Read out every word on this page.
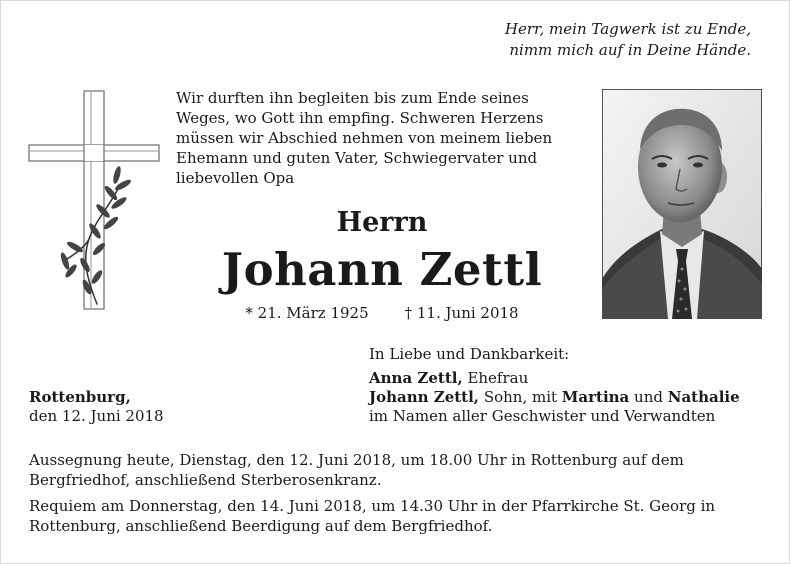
Herr, mein Tagwerk ist zu Ende,
nimm mich auf in Deine Hände.
Wir durften ihn begleiten bis zum Ende seines
Weges, wo Gott ihn empfing. Schweren Herzens
müssen wir Abschied nehmen von meinem lieben
Ehemann und guten Vater, Schwiegervater und
liebevollen Opa
Herrn
Johann Zettl
* 21. März 1925 † 11. Juni 2018
In Liebe und Dankbarkeit:
Anna Zettl, Ehefrau
Johann Zettl, Sohn, mit Martina und Nathalie
im Namen aller Geschwister und Verwandten
Rottenburg,
den 12. Juni 2018

Aussegnung heute, Dienstag, den 12. Juni 2018, um 18.00 Uhr in Rottenburg auf dem Bergfriedhof, anschließend Sterberosenkranz.

Requiem am Donnerstag, den 14. Juni 2018, um 14.30 Uhr in der Pfarrkirche St. Georg in Rottenburg, anschließend Beerdigung auf dem Bergfriedhof.
